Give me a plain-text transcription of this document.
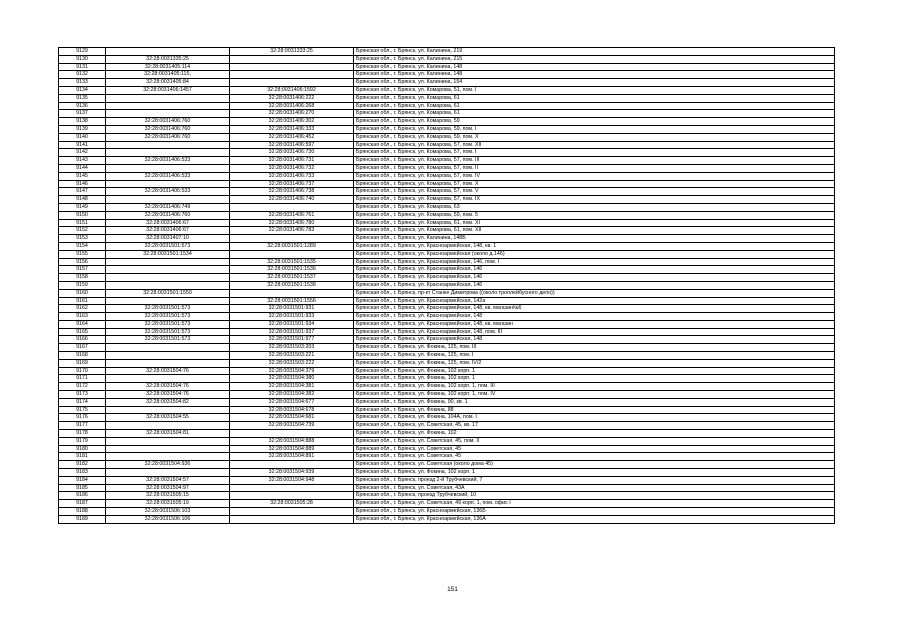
9129		32:28:0031333:25	Брянская обл., г. Брянск, ул. Калинина, 219
9130	32:28:0031335:25		Брянская обл., г. Брянск, ул. Калинина, 215
9131	32:28:0031405:114		Брянская обл., г. Брянск, ул. Калинина, 148
9132	32:28:0031405:115,		Брянская обл., г. Брянск, ул. Калинина, 148
9133	32:28:0031405:84		Брянская обл., г. Брянск, ул. Калинина, 154
9134	32:28:0031406:1457	32:28:0031406:1592	Брянская обл., г. Брянск, ул. Комарова, 51, пом. I
9135		32:28:0031406:222	Брянская обл., г. Брянск, ул. Комарова, 61
9136		32:28:0031406:268	Брянская обл., г. Брянск, ул. Комарова, 61
9137		32:28:0031406:270	Брянская обл., г. Брянск, ул. Комарова, 61
9138	32:28:0031406:760	32:28:0031406:302	Брянская обл., г. Брянск, ул. Комарова, 59
9139	32:28:0031406:760	32:28:0031406:333	Брянская обл., г. Брянск, ул. Комарова, 59, пом. I
9140	32:28:0031406:760	32:28:0031406:452	Брянская обл., г. Брянск, ул. Комарова, 59, пом. X
9141		32:28:0031406:597	Брянская обл., г. Брянск, ул. Комарова, 57, пом. XII
9142		32:28:0031406:730	Брянская обл., г. Брянск, ул. Комарова, 57, пом. I
9143	32:28:0031406:533	32:28:0031406:731	Брянская обл., г. Брянск, ул. Комарова, 57, пом. III
9144		32:28:0031406:732	Брянская обл., г. Брянск, ул. Комарова, 57, пом. II
9145	32:28:0031406:533	32:28:0031406:733	Брянская обл., г. Брянск, ул. Комарова, 57, пом. IV
9146		32:28:0031406:737	Брянская обл., г. Брянск, ул. Комарова, 57, пом. X
9147	32:28:0031406:533	32:28:0031406:738	Брянская обл., г. Брянск, ул. Комарова, 57, пом. V
9148		32:28:0031406:740	Брянская обл., г. Брянск, ул. Комарова, 57, пом. IX
9149	32:28:0031406:749		Брянская обл., г. Брянск, ул. Комарова, 63
9150	32:28:0031406:760	32:28:0031406:761	Брянская обл., г. Брянск, ул. Комарова, 59, пом. 5
9151	32:28:0031406:67	32:28:0031406:780	Брянская обл., г. Брянск, ул. Комарова, 61, пом. XI
9152	32:28:0031406:67	32:28:0031406:783	Брянская обл., г. Брянск, ул. Комарова, 61, пом. XII
9153	32:28:0031407:10		Брянская обл., г. Брянск, ул. Калинина, 148Б
9154	32:28:0031501:573	32:28:0031501:1289	Брянская обл., г. Брянск, ул. Красноармейская, 148, кв. 1
9155	32:28:0031501:1534		Брянская обл., г. Брянск, ул. Красноармейская (около д.146)
9156		32:28:0031501:1535	Брянская обл., г. Брянск, ул. Красноармейская, 146, пом. I
9157		32:28:0031501:1536	Брянская обл., г. Брянск, ул. Красноармейская, 146
9158		32:28:0031501:1537	Брянская обл., г. Брянск, ул. Красноармейская, 146
9159		32:28:0031501:1538	Брянская обл., г. Брянск, ул. Красноармейская, 146
9160	32:28:0031501:1550		Брянская обл., г. Брянск, пр-кт Станке Димитрова ((около троллейбусного депо))
9161		32:28:0031501:1556	Брянская обл., г. Брянск, ул. Красноармейская, 142а
9162	32:28:0031501:573	32:28:0031501:931	Брянская обл., г. Брянск, ул. Красноармейская, 148, кв. магазин№6
9163	32:28:0031501:573	32:28:0031501:933	Брянская обл., г. Брянск, ул. Красноармейская, 148
9164	32:28:0031501:573	32:28:0031501:934	Брянская обл., г. Брянск, ул. Красноармейская, 148, кв. магазин
9165	32:28:0031501:573	32:28:0031501:937	Брянская обл., г. Брянск, ул. Красноармейская, 148, пом. III
9166	32:28:0031501:573	32:28:0031501:977	Брянская обл., г. Брянск, ул. Красноармейская, 148
9167		32:28:0031503:203	Брянская обл., г. Брянск, ул. Фокина, 125, пом. III
9168		32:28:0031503:221	Брянская обл., г. Брянск, ул. Фокина, 125, пом. I
9169		32:28:0031503:222	Брянская обл., г. Брянск, ул. Фокина, 125, пом. IV/2
9170	32:28:0031504:76	32:28:0031504:379	Брянская обл., г. Брянск, ул. Фокина, 102 корп. 1
9171		32:28:0031504:380	Брянская обл., г. Брянск, ул. Фокина, 102 корп. 1
9172	32:28:0031504:76	32:28:0031504:381	Брянская обл., г. Брянск, ул. Фокина, 102 корп. 1, пом. III
9173	32:28:0031504:76	32:28:0031504:382	Брянская обл., г. Брянск, ул. Фокина, 102 корп. 1, пом. IV
9174	32:28:0031504:82	32:28:0031504:677	Брянская обл., г. Брянск, ул. Фокина, 90, кв. 1
9175		32:28:0031504:678	Брянская обл., г. Брянск, ул. Фокина, 88
9176	32:28:0031504:55	32:28:0031504:681	Брянская обл., г. Брянск, ул. Фокина, 104А, пом. I
9177		32:28:0031504:739	Брянская обл., г. Брянск, ул. Советская, 45, кв. 17
9178	32:28:0031504:81		Брянская обл., г. Брянск, ул. Фокина, 102
9179		32:28:0031504:888	Брянская обл., г. Брянск, ул. Советская, 45, пом. II
9180		32:28:0031504:889	Брянская обл., г. Брянск, ул. Советская, 45
9181		32:28:0031504:891	Брянская обл., г. Брянск, ул. Советская, 45
9182	32:28:0031504:936		Брянская обл., г. Брянск, ул. Советская (около дома 45)
9183		32:28:0031504:939	Брянская обл., г. Брянск, ул. Фокина, 102 корп. 1
9184	32:28:0031504:57	32:28:0031504:948	Брянская обл., г. Брянск, проезд 2-й Трубчевский, 7
9185	32:28:0031504:97		Брянская обл., г. Брянск, ул. Советская, 43А
9186	32:28:0031505:15		Брянская обл., г. Брянск, проезд Трубчевский, 10
9187	32:28:0031505:19	32:28:0031505:28	Брянская обл., г. Брянск, ул. Советская, 49 корп. 1, пом. офис I
9188	32:28:0031506:103		Брянская обл., г. Брянск, ул. Красноармейская, 136Б
9189	32:28:0031506:106		Брянская обл., г. Брянск, ул. Красноармейская, 136А
151
